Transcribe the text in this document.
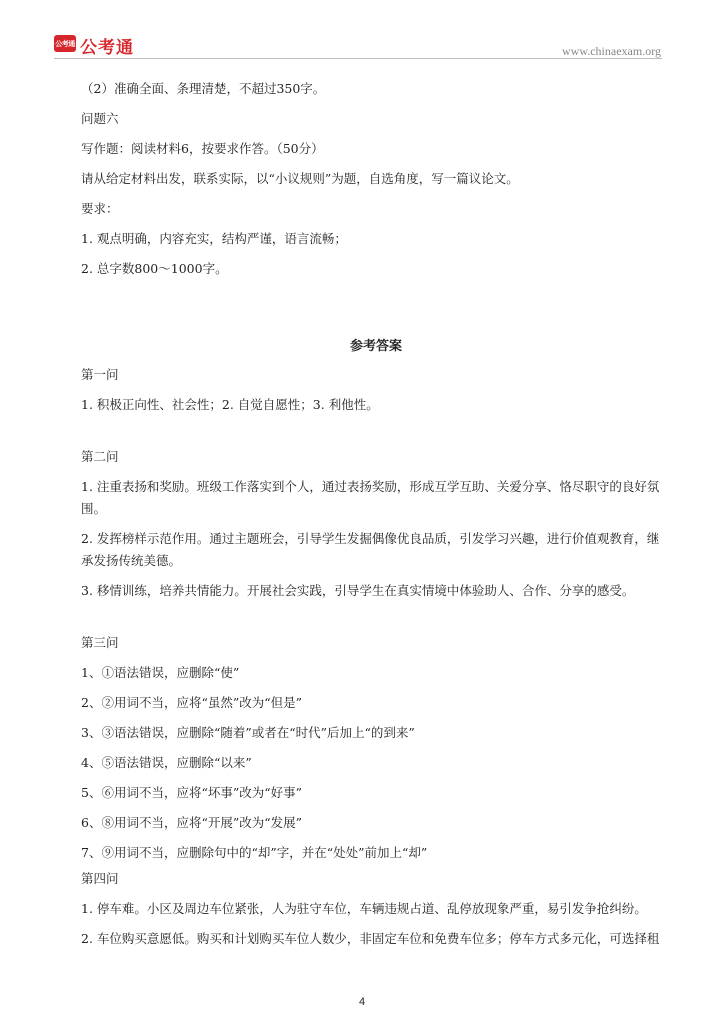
公考通 公考通	www.chinaexam.org

（2）准确全面、条理清楚，不超过350字。

问题六

写作题：阅读材料6，按要求作答。（50分）

请从给定材料出发，联系实际，以“小议规则”为题，自选角度，写一篇议论文。

要求：

1. 观点明确，内容充实，结构严谨，语言流畅；

2. 总字数800～1000字。

参考答案

第一问

1. 积极正向性、社会性；2. 自觉自愿性；3. 利他性。

第二问

1. 注重表扬和奖励。班级工作落实到个人，通过表扬奖励，形成互学互助、关爱分享、恪尽职守的良好氛围。

2. 发挥榜样示范作用。通过主题班会，引导学生发掘偶像优良品质，引发学习兴趣，进行价值观教育，继承发扬传统美德。

3. 移情训练，培养共情能力。开展社会实践，引导学生在真实情境中体验助人、合作、分享的感受。

第三问

1、①语法错误，应删除“使”

2、②用词不当，应将“虽然”改为“但是”

3、③语法错误，应删除“随着”或者在“时代”后加上“的到来”

4、⑤语法错误，应删除“以来”

5、⑥用词不当，应将“坏事”改为“好事”

6、⑧用词不当，应将“开展”改为“发展”

7、⑨用词不当，应删除句中的“却”字，并在“处处”前加上“却”

第四问

1. 停车难。小区及周边车位紧张，人为驻守车位，车辆违规占道、乱停放现象严重，易引发争抢纠纷。

2. 车位购买意愿低。购买和计划购买车位人数少，非固定车位和免费车位多；停车方式多元化，可选择租

4
